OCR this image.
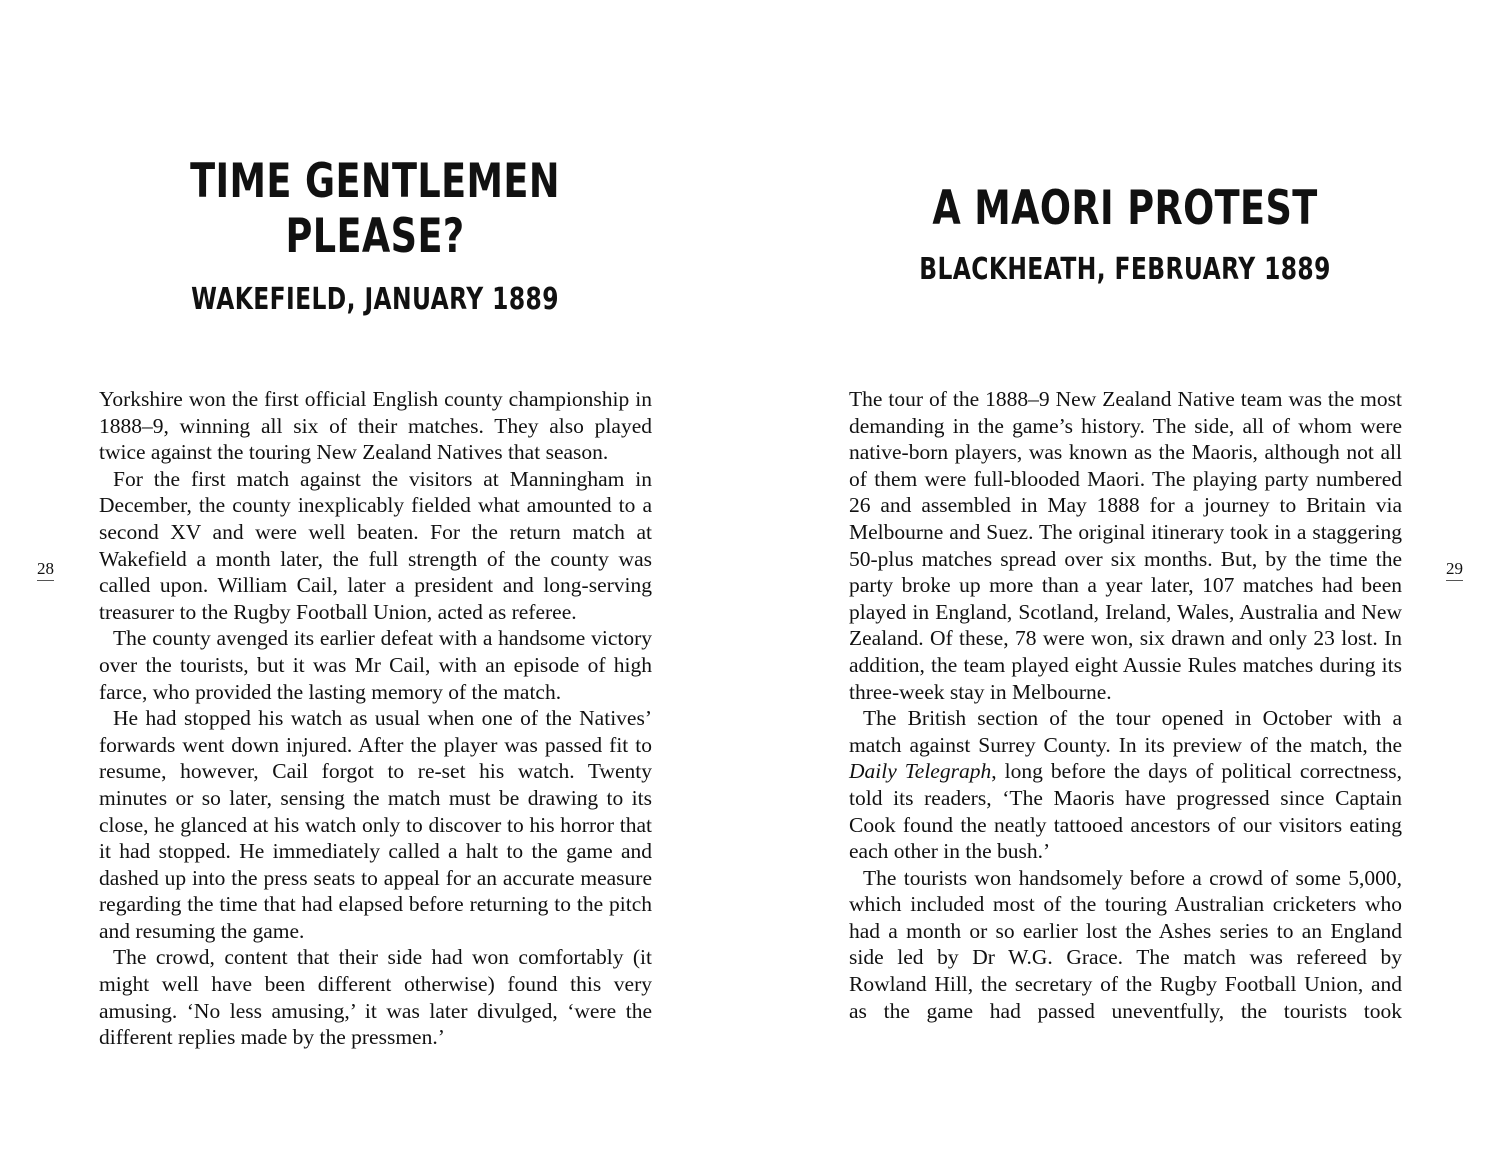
TIME GENTLEMEN
PLEASE?
WAKEFIELD, JANUARY 1889

Yorkshire won the first official English county championship in 1888–9, winning all six of their matches. They also played twice against the touring New Zealand Natives that season.

For the first match against the visitors at Manningham in December, the county inexplicably fielded what amounted to a second XV and were well beaten. For the return match at Wakefield a month later, the full strength of the county was called upon. William Cail, later a president and long-serving treasurer to the Rugby Football Union, acted as referee.

The county avenged its earlier defeat with a handsome victory over the tourists, but it was Mr Cail, with an episode of high farce, who provided the lasting memory of the match.

He had stopped his watch as usual when one of the Natives’ forwards went down injured. After the player was passed fit to resume, however, Cail forgot to re-set his watch. Twenty minutes or so later, sensing the match must be drawing to its close, he glanced at his watch only to discover to his horror that it had stopped. He immediately called a halt to the game and dashed up into the press seats to appeal for an accurate measure regarding the time that had elapsed before returning to the pitch and resuming the game.

The crowd, content that their side had won comfortably (it might well have been different otherwise) found this very amusing. ‘No less amusing,’ it was later divulged, ‘were the different replies made by the pressmen.’

28
A MAORI PROTEST
BLACKHEATH, FEBRUARY 1889

The tour of the 1888–9 New Zealand Native team was the most demanding in the game’s history. The side, all of whom were native-born players, was known as the Maoris, although not all of them were full-blooded Maori. The playing party numbered 26 and assembled in May 1888 for a journey to Britain via Melbourne and Suez. The original itinerary took in a staggering 50-plus matches spread over six months. But, by the time the party broke up more than a year later, 107 matches had been played in England, Scotland, Ireland, Wales, Australia and New Zealand. Of these, 78 were won, six drawn and only 23 lost. In addition, the team played eight Aussie Rules matches during its three-week stay in Melbourne.

The British section of the tour opened in October with a match against Surrey County. In its preview of the match, the Daily Telegraph, long before the days of political correctness, told its readers, ‘The Maoris have progressed since Captain Cook found the neatly tattooed ancestors of our visitors eating each other in the bush.’

The tourists won handsomely before a crowd of some 5,000, which included most of the touring Australian cricketers who had a month or so earlier lost the Ashes series to an England side led by Dr W.G. Grace. The match was refereed by Rowland Hill, the secretary of the Rugby Football Union, and as the game had passed uneventfully, the tourists took

29
